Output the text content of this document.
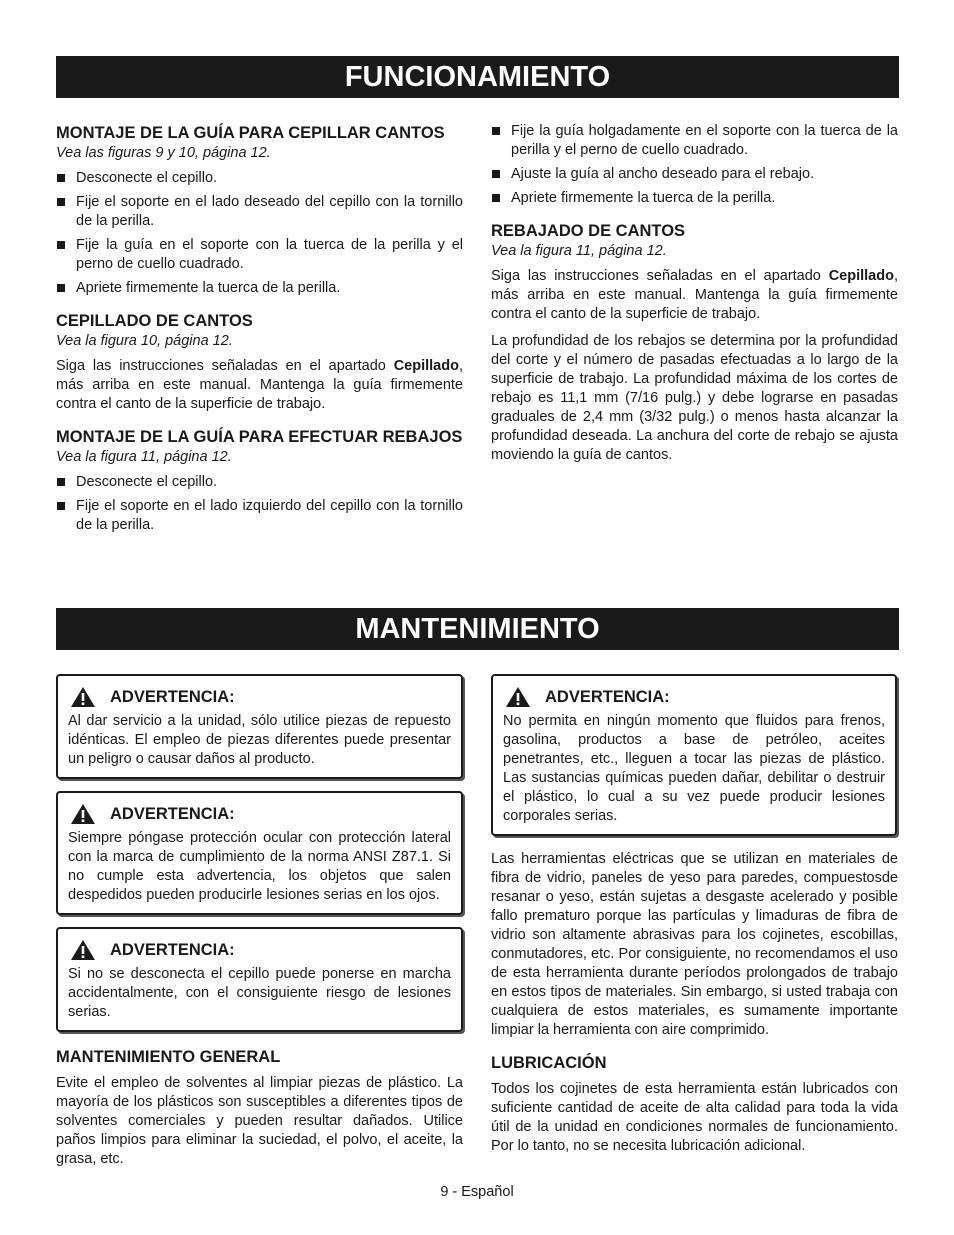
FUNCIONAMIENTO
MONTAJE DE LA GUÍA PARA CEPILLAR CANTOS
Vea las figuras 9 y 10, página 12.
Desconecte el cepillo.
Fije el soporte en el lado deseado del cepillo con la tornillo de la perilla.
Fije la guía en el soporte con la tuerca de la perilla y el perno de cuello cuadrado.
Apriete firmemente la tuerca de la perilla.
CEPILLADO DE CANTOS
Vea la figura 10, página 12.

Siga las instrucciones señaladas en el apartado Cepillado, más arriba en este manual. Mantenga la guía firmemente contra el canto de la superficie de trabajo.

MONTAJE DE LA GUÍA PARA EFECTUAR REBAJOS
Vea la figura 11, página 12.
Desconecte el cepillo.
Fije el soporte en el lado izquierdo del cepillo con la tornillo de la perilla.
Fije la guía holgadamente en el soporte con la tuerca de la perilla y el perno de cuello cuadrado.
Ajuste la guía al ancho deseado para el rebajo.
Apriete firmemente la tuerca de la perilla.
REBAJADO DE CANTOS
Vea la figura 11, página 12.

Siga las instrucciones señaladas en el apartado Cepillado, más arriba en este manual. Mantenga la guía firmemente contra el canto de la superficie de trabajo.

La profundidad de los rebajos se determina por la profundidad del corte y el número de pasadas efectuadas a lo largo de la superficie de trabajo. La profundidad máxima de los cortes de rebajo es 11,1 mm (7/16 pulg.) y debe lograrse en pasadas graduales de 2,4 mm (3/32 pulg.) o menos hasta alcanzar la profundidad deseada. La anchura del corte de rebajo se ajusta moviendo la guía de cantos.

MANTENIMIENTO
ADVERTENCIA:

Al dar servicio a la unidad, sólo utilice piezas de repuesto idénticas. El empleo de piezas diferentes puede presentar un peligro o causar daños al producto.

ADVERTENCIA:

Siempre póngase protección ocular con protección lateral con la marca de cumplimiento de la norma ANSI Z87.1. Si no cumple esta advertencia, los objetos que salen despedidos pueden producirle lesiones serias en los ojos.

ADVERTENCIA:

Si no se desconecta el cepillo puede ponerse en marcha accidentalmente, con el consiguiente riesgo de lesiones serias.

MANTENIMIENTO GENERAL

Evite el empleo de solventes al limpiar piezas de plástico. La mayoría de los plásticos son susceptibles a diferentes tipos de solventes comerciales y pueden resultar dañados. Utilice paños limpios para eliminar la suciedad, el polvo, el aceite, la grasa, etc.

ADVERTENCIA:

No permita en ningún momento que fluidos para frenos, gasolina, productos a base de petróleo, aceites penetrantes, etc., lleguen a tocar las piezas de plástico. Las sustancias químicas pueden dañar, debilitar o destruir el plástico, lo cual a su vez puede producir lesiones corporales serias.

Las herramientas eléctricas que se utilizan en materiales de fibra de vidrio, paneles de yeso para paredes, compuestosde resanar o yeso, están sujetas a desgaste acelerado y posible fallo prematuro porque las partículas y limaduras de fibra de vidrio son altamente abrasivas para los cojinetes, escobillas, conmutadores, etc. Por consiguiente, no recomendamos el uso de esta herramienta durante períodos prolongados de trabajo en estos tipos de materiales. Sin embargo, si usted trabaja con cualquiera de estos materiales, es sumamente importante limpiar la herramienta con aire comprimido.

LUBRICACIÓN

Todos los cojinetes de esta herramienta están lubricados con suficiente cantidad de aceite de alta calidad para toda la vida útil de la unidad en condiciones normales de funcionamiento. Por lo tanto, no se necesita lubricación adicional.

9 - Español
